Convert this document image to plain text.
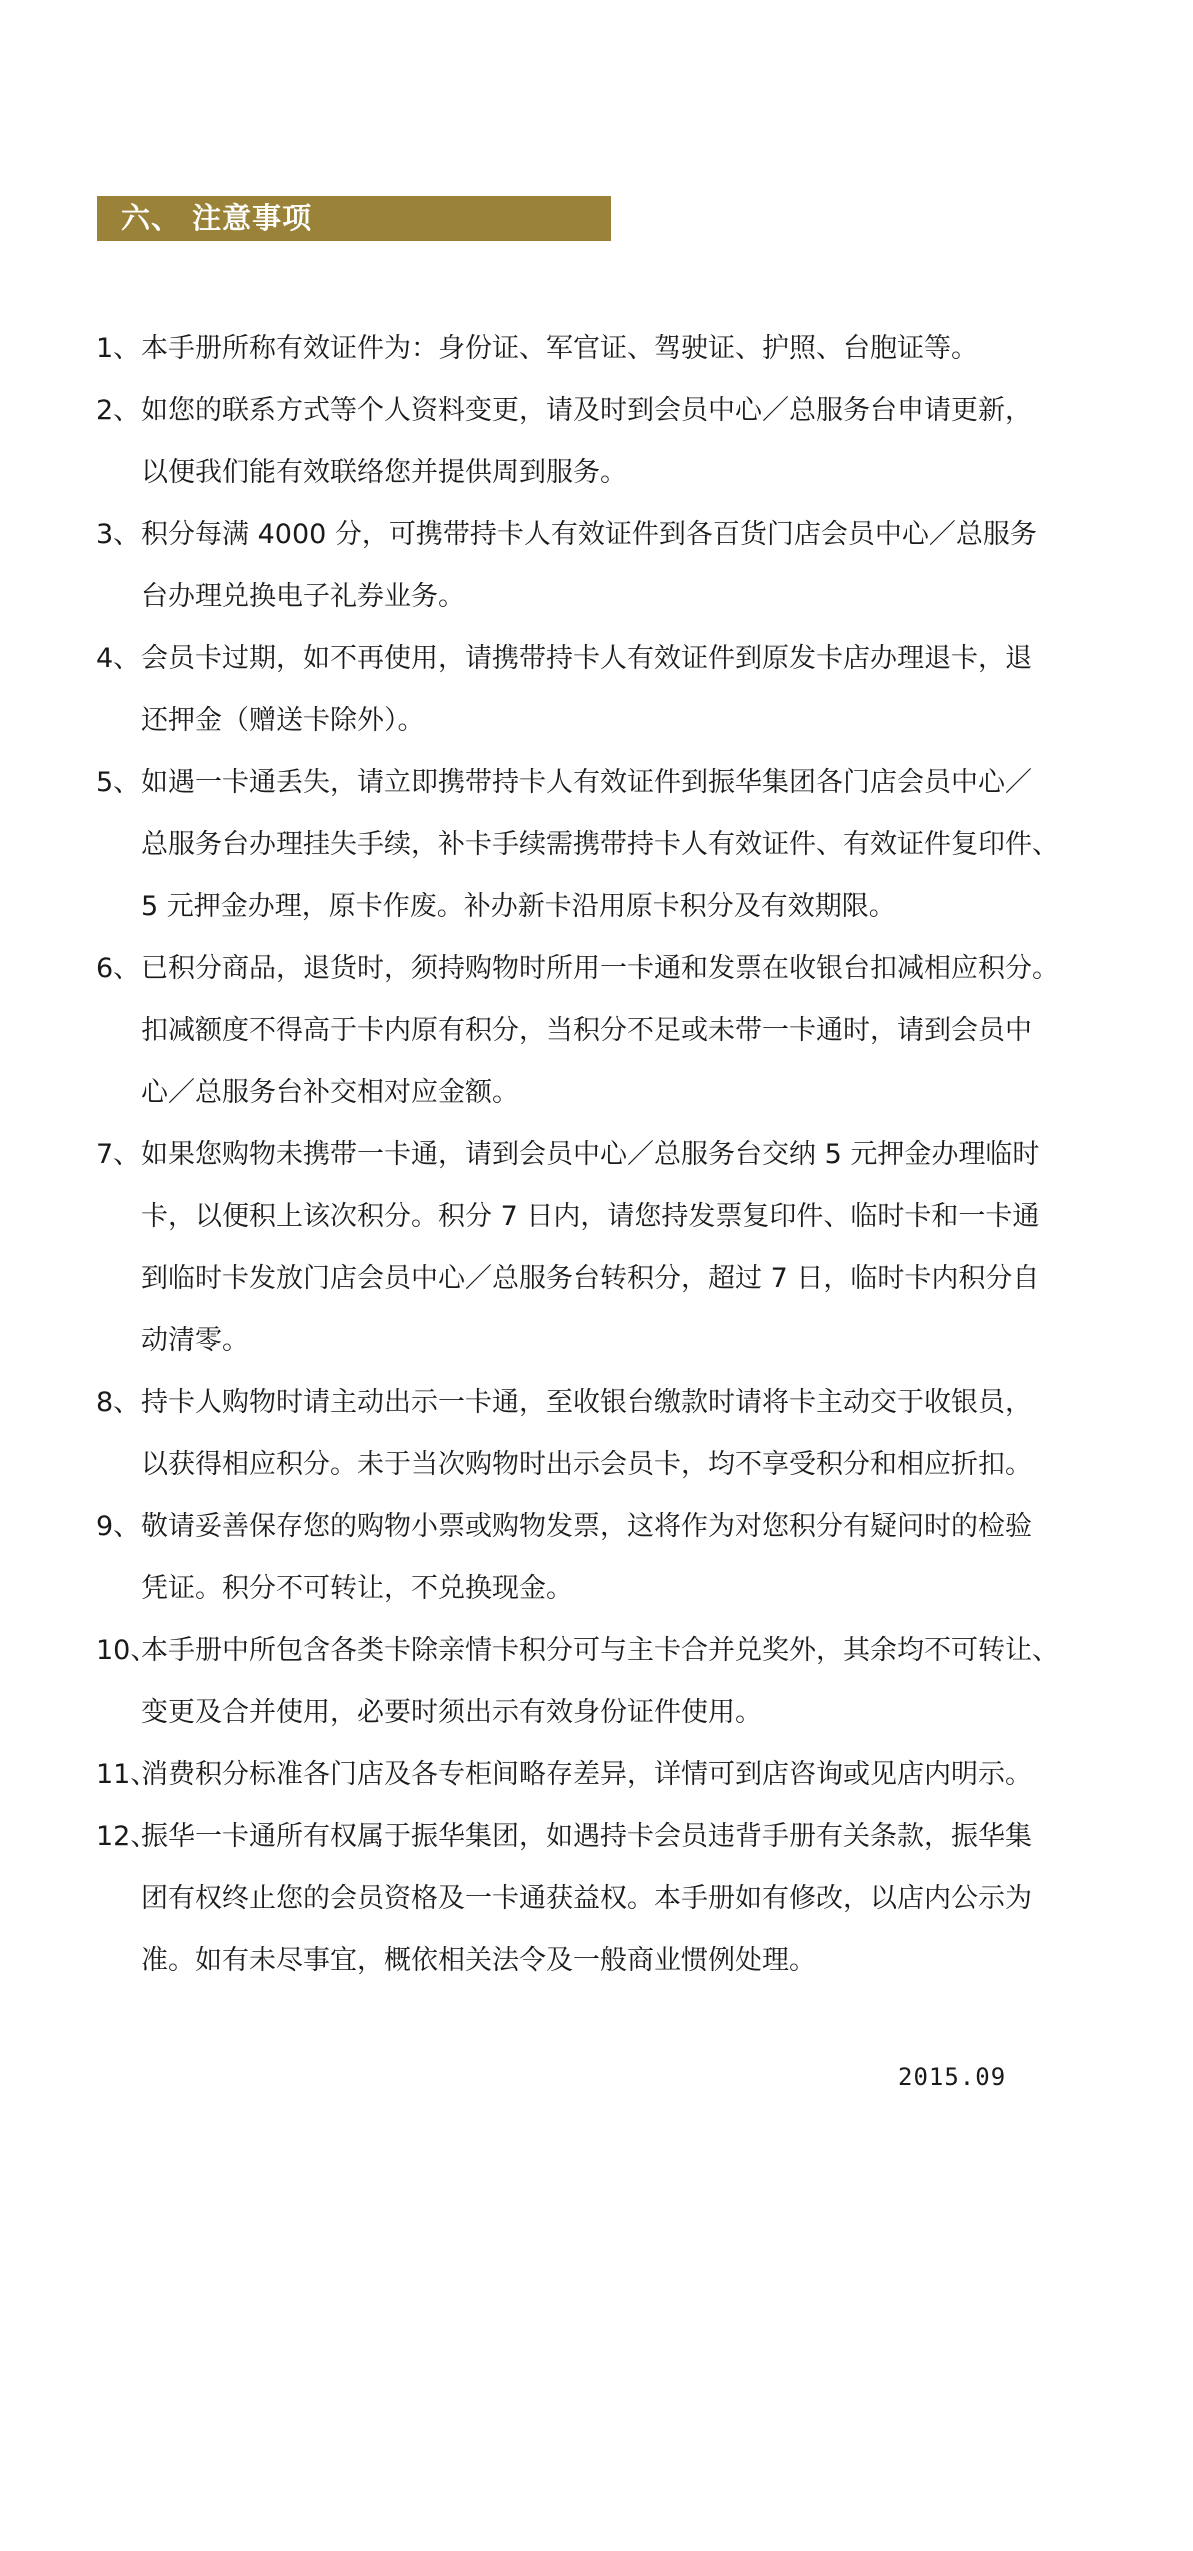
六、 注意事项
1、 本手册所称有效证件为：身份证、军官证、驾驶证、护照、台胞证等。
2、 如您的联系方式等个人资料变更，请及时到会员中心／总服务台申请更新，
以便我们能有效联络您并提供周到服务。
3、 积分每满 4000 分，可携带持卡人有效证件到各百货门店会员中心／总服务
台办理兑换电子礼券业务。
4、 会员卡过期，如不再使用，请携带持卡人有效证件到原发卡店办理退卡，退
还押金（赠送卡除外）。
5、 如遇一卡通丢失，请立即携带持卡人有效证件到振华集团各门店会员中心／
总服务台办理挂失手续，补卡手续需携带持卡人有效证件、有效证件复印件、
5 元押金办理，原卡作废。补办新卡沿用原卡积分及有效期限。
6、 已积分商品，退货时，须持购物时所用一卡通和发票在收银台扣减相应积分。
扣减额度不得高于卡内原有积分，当积分不足或未带一卡通时，请到会员中
心／总服务台补交相对应金额。
7、 如果您购物未携带一卡通，请到会员中心／总服务台交纳 5 元押金办理临时
卡，以便积上该次积分。积分 7 日内，请您持发票复印件、临时卡和一卡通
到临时卡发放门店会员中心／总服务台转积分，超过 7 日，临时卡内积分自
动清零。
8、 持卡人购物时请主动出示一卡通，至收银台缴款时请将卡主动交于收银员，
以获得相应积分。未于当次购物时出示会员卡，均不享受积分和相应折扣。
9、 敬请妥善保存您的购物小票或购物发票，这将作为对您积分有疑问时的检验
凭证。积分不可转让，不兑换现金。
10、
本手册中所包含各类卡除亲情卡积分可与主卡合并兑奖外，其余均不可转让、
变更及合并使用，必要时须出示有效身份证件使用。
11、
消费积分标准各门店及各专柜间略存差异，详情可到店咨询或见店内明示。
12、
振华一卡通所有权属于振华集团，如遇持卡会员违背手册有关条款，振华集
团有权终止您的会员资格及一卡通获益权。本手册如有修改，以店内公示为
准。如有未尽事宜，概依相关法令及一般商业惯例处理。
2015.09
